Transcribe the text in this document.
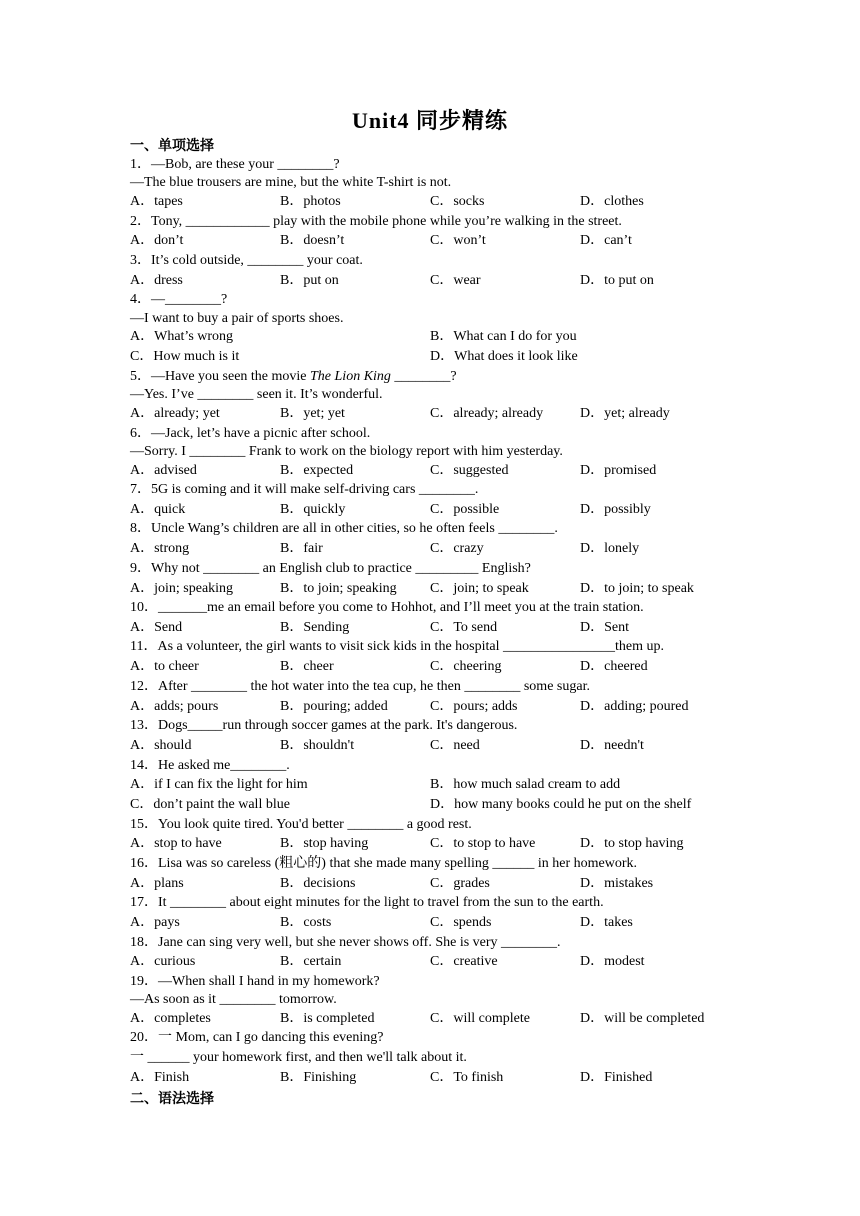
Unit4 同步精练
一、单项选择
1．—Bob, are these your ________?
—The blue trousers are mine, but the white T-shirt is not.
A．tapes	B．photos	C．socks	D．clothes
2．Tony, ____________ play with the mobile phone while you’re walking in the street.
A．don’t	B．doesn’t	C．won’t	D．can’t
3．It’s cold outside, ________ your coat.
A．dress	B．put on	C．wear	D．to put on
4．—________?
—I want to buy a pair of sports shoes.
A．What’s wrong	B．What can I do for you
C．How much is it	D．What does it look like
5．—Have you seen the movie The Lion King ________?
—Yes. I’ve ________ seen it. It’s wonderful.
A．already; yet	B．yet; yet	C．already; already	D．yet; already
6．—Jack, let’s have a picnic after school.
—Sorry. I ________ Frank to work on the biology report with him yesterday.
A．advised	B．expected	C．suggested	D．promised
7．5G is coming and it will make self-driving cars ________.
A．quick	B．quickly	C．possible	D．possibly
8．Uncle Wang’s children are all in other cities, so he often feels ________.
A．strong	B．fair	C．crazy	D．lonely
9．Why not ________ an English club to practice _________ English?
A．join; speaking	B．to join; speaking C．join; to speak	D．to join; to speak
10．_______me an email before you come to Hohhot, and I’ll meet you at the train station.
A．Send	B．Sending	C．To send	D．Sent
11．As a volunteer, the girl wants to visit sick kids in the hospital ________________them up.
A．to cheer	B．cheer	C．cheering	D．cheered
12．After ________ the hot water into the tea cup, he then ________ some sugar.
A．adds; pours	B．pouring; added	C．pours; adds	D．adding; poured
13．Dogs_____run through soccer games at the park. It's dangerous.
A．should	B．shouldn't	C．need	D．needn't
14．He asked me________.
A．if I can fix the light for him	B．how much salad cream to add
C．don’t paint the wall blue	D．how many books could he put on the shelf
15．You look quite tired. You'd better ________ a good rest.
A．stop to have	B．stop having	C．to stop to have	D．to stop having
16．Lisa was so careless (粗心的) that she made many spelling ______ in her homework.
A．plans	B．decisions	C．grades	D．mistakes
17．It ________ about eight minutes for the light to travel from the sun to the earth.
A．pays	B．costs	C．spends	D．takes
18．Jane can sing very well, but she never shows off. She is very ________.
A．curious	B．certain	C．creative	D．modest
19．—When shall I hand in my homework?
—As soon as it ________ tomorrow.
A．completes	B．is completed	C．will complete	D．will be completed
20．一 Mom, can I go dancing this evening?
一 ______ your homework first, and then we'll talk about it.
A．Finish	B．Finishing	C．To finish	D．Finished
二、语法选择
